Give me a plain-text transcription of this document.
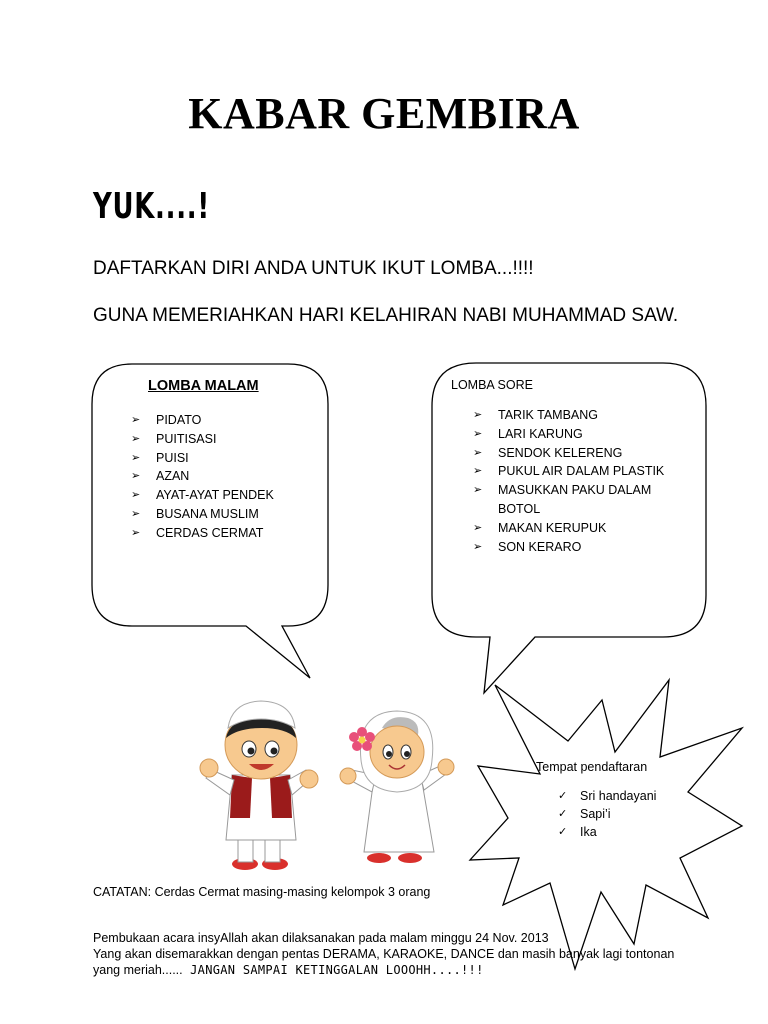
KABAR GEMBIRA
YUK....!
DAFTARKAN DIRI ANDA UNTUK IKUT LOMBA...!!!!
GUNA MEMERIAHKAN HARI KELAHIRAN NABI MUHAMMAD SAW.
LOMBA MALAM
➢ PIDATO
➢ PUITISASI
➢ PUISI
➢ AZAN
➢ AYAT-AYAT PENDEK
➢ BUSANA MUSLIM
➢ CERDAS CERMAT
LOMBA SORE
➢ TARIK TAMBANG
➢ LARI KARUNG
➢ SENDOK KELERENG
➢ PUKUL AIR DALAM PLASTIK
➢ MASUKKAN PAKU DALAM
BOTOL
➢ MAKAN KERUPUK
➢ SON KERARO
Tempat pendaftaran
✓ Sri handayani
✓ Sapi’i
✓ Ika
CATATAN: Cerdas Cermat masing-masing kelompok 3 orang
Pembukaan acara insyAllah akan dilaksanakan pada malam minggu 24 Nov. 2013
Yang akan disemarakkan dengan pentas DERAMA, KARAOKE, DANCE dan masih banyak lagi tontonan
yang meriah...... JANGAN SAMPAI KETINGGALAN LOOOHH....!!!
